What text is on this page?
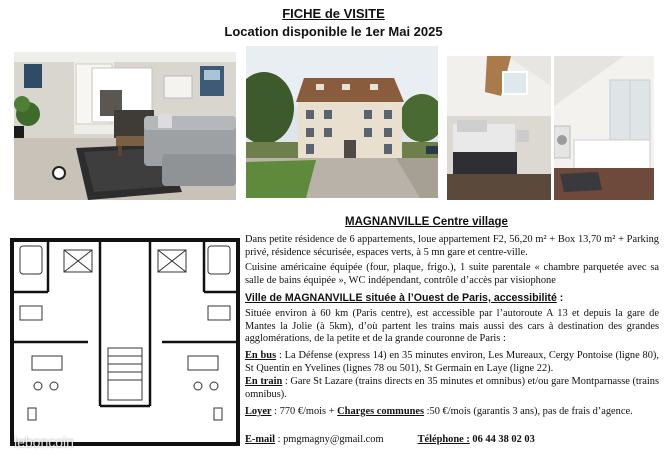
FICHE de VISITE
Location disponible le 1er Mai 2025
MAGNANVILLE Centre village
Dans petite résidence de 6 appartements, loue appartement F2, 56,20 m² + Box 13,70 m² + Parking privé, résidence sécurisée, espaces verts, à 5 mn gare et centre-ville.
Cuisine américaine équipée (four, plaque, frigo.), 1 suite parentale « chambre parquetée avec sa salle de bains équipée », WC indépendant, contrôle d’accès par visiophone
Ville de MAGNANVILLE située à l’Ouest de Paris, accessibilité :
Située environ à 60 km (Paris centre), est accessible par l’autoroute A 13 et depuis la gare de Mantes la Jolie (à 5km), d’où partent les trains mais aussi des cars à destination des grandes agglomérations, de la petite et de la grande couronne de Paris :
En bus : La Défense (express 14) en 35 minutes environ, Les Mureaux, Cergy Pontoise (ligne 80), St Quentin en Yvelines (lignes 78 ou 501), St Germain en Laye (ligne 22).
En train : Gare St Lazare (trains directs en 35 minutes et omnibus) et/ou gare Montparnasse (trains omnibus).
Loyer : 770 €/mois + Charges communes :50 €/mois (garantis 3 ans), pas de frais d’agence.
E-mail : pmgmagny@gmail.com	Téléphone : 06 44 38 02 03
leboncoin
